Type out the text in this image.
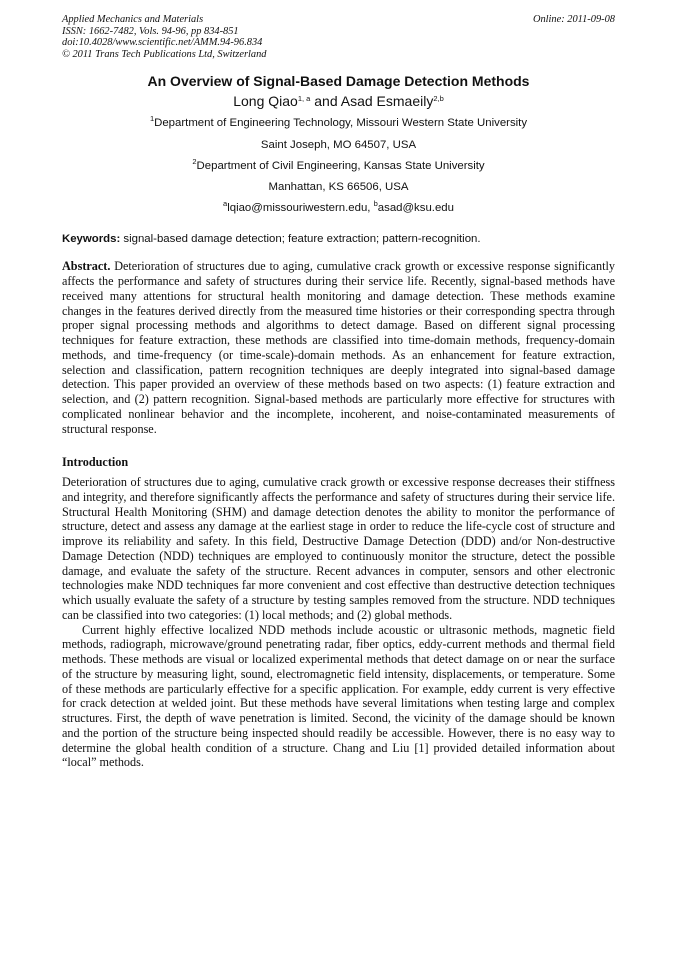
Applied Mechanics and Materials
ISSN: 1662-7482, Vols. 94-96, pp 834-851
doi:10.4028/www.scientific.net/AMM.94-96.834
© 2011 Trans Tech Publications Ltd, Switzerland
Online: 2011-09-08
An Overview of Signal-Based Damage Detection Methods
Long Qiao$^{1, a}$ and Asad Esmaeily$^{2,b}$
$^1$Department of Engineering Technology, Missouri Western State University
Saint Joseph, MO 64507, USA
$^2$Department of Civil Engineering, Kansas State University
Manhattan, KS 66506, USA
$^a$lqiao@missouriwestern.edu, $^b$asad@ksu.edu
Keywords: signal-based damage detection; feature extraction; pattern-recognition.
Abstract. Deterioration of structures due to aging, cumulative crack growth or excessive response significantly affects the performance and safety of structures during their service life. Recently, signal-based methods have received many attentions for structural health monitoring and damage detection. These methods examine changes in the features derived directly from the measured time histories or their corresponding spectra through proper signal processing methods and algorithms to detect damage. Based on different signal processing techniques for feature extraction, these methods are classified into time-domain methods, frequency-domain methods, and time-frequency (or time-scale)-domain methods. As an enhancement for feature extraction, selection and classification, pattern recognition techniques are deeply integrated into signal-based damage detection. This paper provided an overview of these methods based on two aspects: (1) feature extraction and selection, and (2) pattern recognition. Signal-based methods are particularly more effective for structures with complicated nonlinear behavior and the incomplete, incoherent, and noise-contaminated measurements of structural response.
Introduction
Deterioration of structures due to aging, cumulative crack growth or excessive response decreases their stiffness and integrity, and therefore significantly affects the performance and safety of structures during their service life. Structural Health Monitoring (SHM) and damage detection denotes the ability to monitor the performance of structure, detect and assess any damage at the earliest stage in order to reduce the life-cycle cost of structure and improve its reliability and safety. In this field, Destructive Damage Detection (DDD) and/or Non-destructive Damage Detection (NDD) techniques are employed to continuously monitor the structure, detect the possible damage, and evaluate the safety of the structure. Recent advances in computer, sensors and other electronic technologies make NDD techniques far more convenient and cost effective than destructive detection techniques which usually evaluate the safety of a structure by testing samples removed from the structure. NDD techniques can be classified into two categories: (1) local methods; and (2) global methods.
Current highly effective localized NDD methods include acoustic or ultrasonic methods, magnetic field methods, radiograph, microwave/ground penetrating radar, fiber optics, eddy-current methods and thermal field methods. These methods are visual or localized experimental methods that detect damage on or near the surface of the structure by measuring light, sound, electromagnetic field intensity, displacements, or temperature. Some of these methods are particularly effective for a specific application. For example, eddy current is very effective for crack detection at welded joint. But these methods have several limitations when testing large and complex structures. First, the depth of wave penetration is limited. Second, the vicinity of the damage should be known and the portion of the structure being inspected should readily be accessible. However, there is no easy way to determine the global health condition of a structure. Chang and Liu [1] provided detailed information about “local” methods.
